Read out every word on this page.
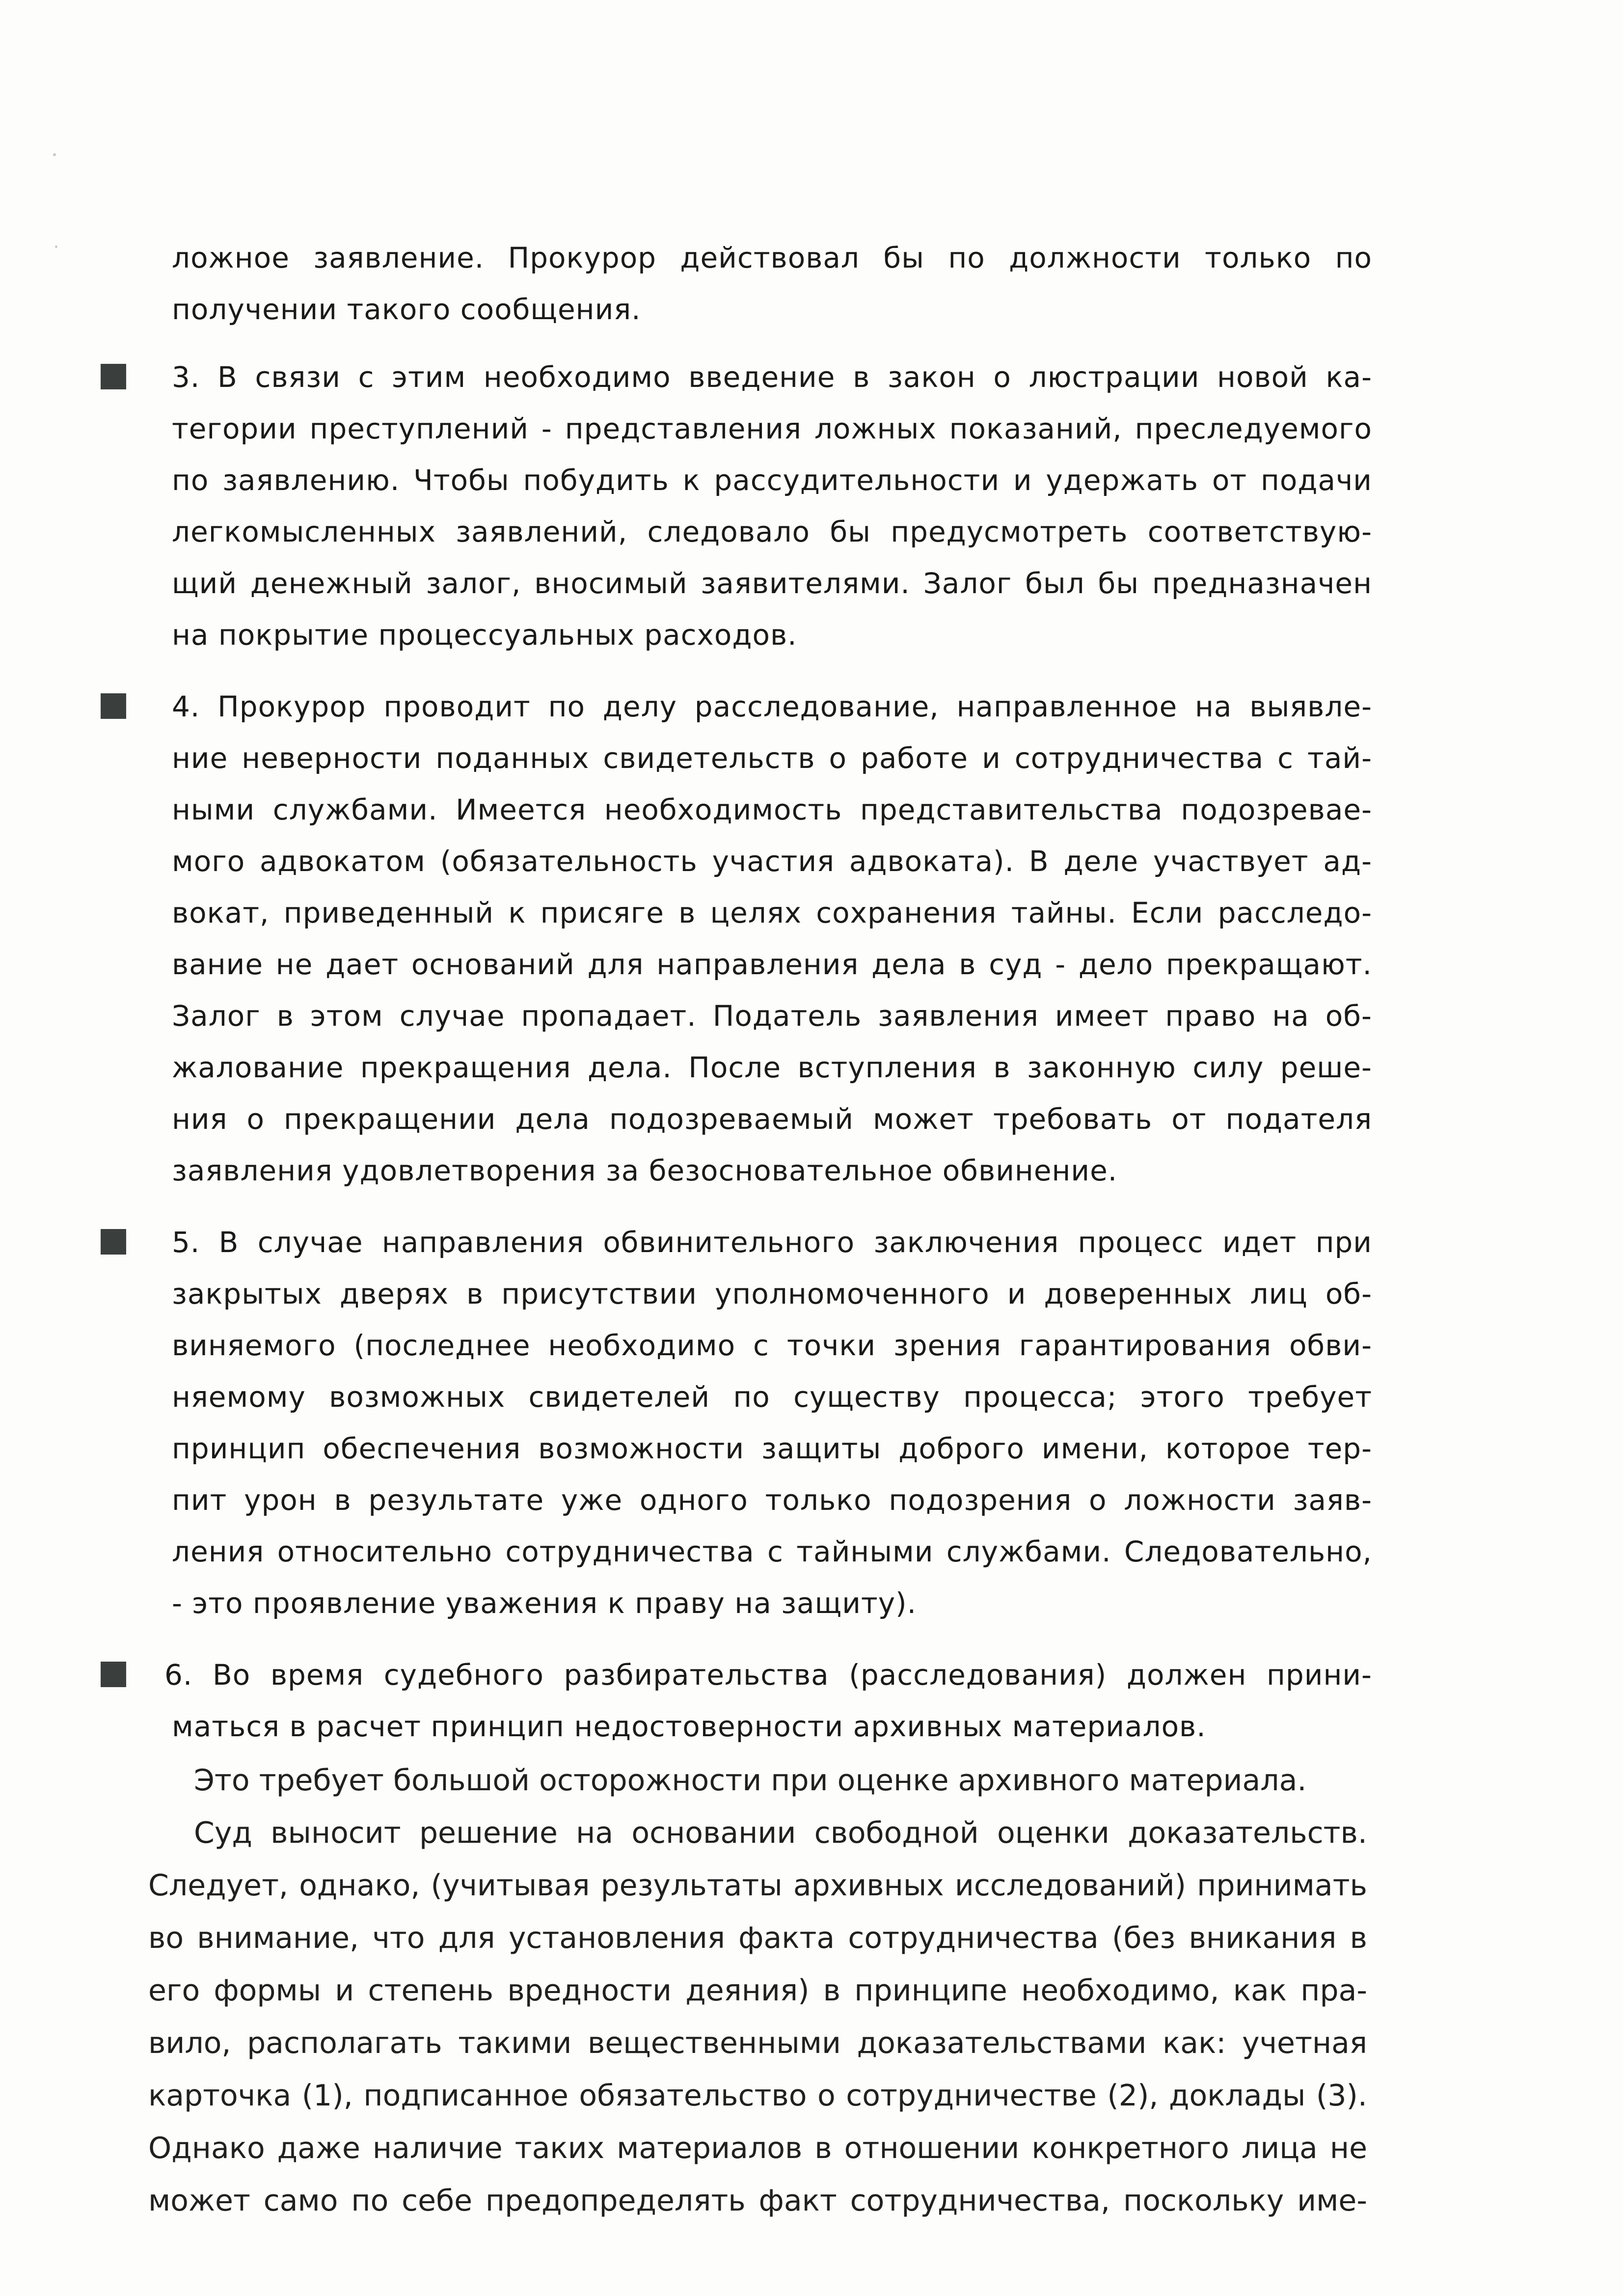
ложное заявление. Прокурор действовал бы по должности только по
получении такого сообщения.
3. В связи с этим необходимо введение в закон о люстрации новой ка-
тегории преступлений - представления ложных показаний, преследуемого
по заявлению. Чтобы побудить к рассудительности и удержать от подачи
легкомысленных заявлений, следовало бы предусмотреть соответствую-
щий денежный залог, вносимый заявителями. Залог был бы предназначен
на покрытие процессуальных расходов.
4. Прокурор проводит по делу расследование, направленное на выявле-
ние неверности поданных свидетельств о работе и сотрудничества с тай-
ными службами. Имеется необходимость представительства подозревае-
мого адвокатом (обязательность участия адвоката). В деле участвует ад-
вокат, приведенный к присяге в целях сохранения тайны. Если расследо-
вание не дает оснований для направления дела в суд - дело прекращают.
Залог в этом случае пропадает. Податель заявления имеет право на об-
жалование прекращения дела. После вступления в законную силу реше-
ния о прекращении дела подозреваемый может требовать от подателя
заявления удовлетворения за безосновательное обвинение.
5. В случае направления обвинительного заключения процесс идет при
закрытых дверях в присутствии уполномоченного и доверенных лиц об-
виняемого (последнее необходимо с точки зрения гарантирования обви-
няемому возможных свидетелей по существу процесса; этого требует
принцип обеспечения возможности защиты доброго имени, которое тер-
пит урон в результате уже одного только подозрения о ложности заяв-
ления относительно сотрудничества с тайными службами. Следовательно,
- это проявление уважения к праву на защиту).
6. Во время судебного разбирательства (расследования) должен прини-
маться в расчет принцип недостоверности архивных материалов.
Это требует большой осторожности при оценке архивного материала.
Суд выносит решение на основании свободной оценки доказательств.
Следует, однако, (учитывая результаты архивных исследований) принимать
во внимание, что для установления факта сотрудничества (без вникания в
его формы и степень вредности деяния) в принципе необходимо, как пра-
вило, располагать такими вещественными доказательствами как: учетная
карточка (1), подписанное обязательство о сотрудничестве (2), доклады (3).
Однако даже наличие таких материалов в отношении конкретного лица не
может само по себе предопределять факт сотрудничества, поскольку име-
